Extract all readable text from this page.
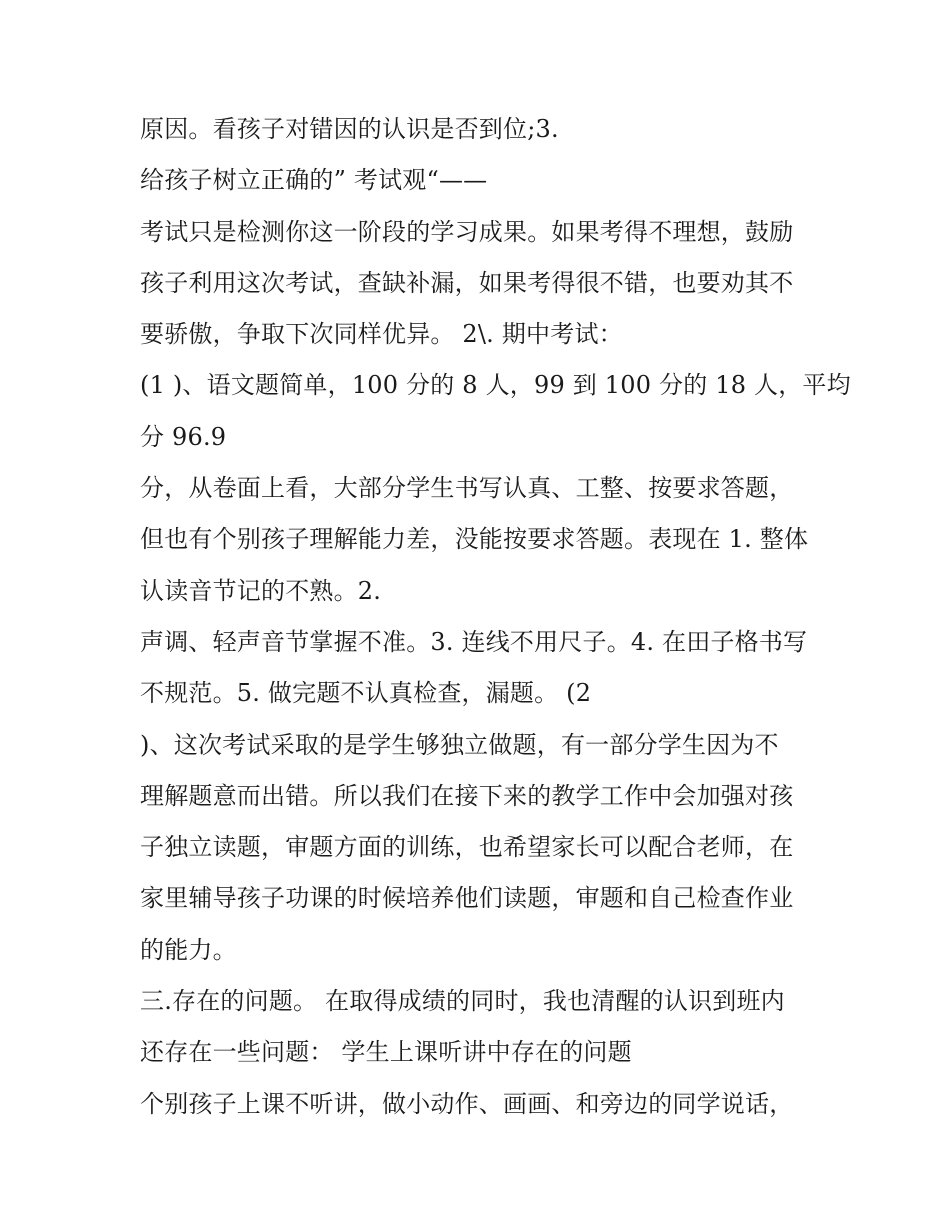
原因。看孩子对错因的认识是否到位;3.
给孩子树立正确的” 考试观“——
考试只是检测你这一阶段的学习成果。如果考得不理想，鼓励
孩子利用这次考试，查缺补漏，如果考得很不错，也要劝其不
要骄傲，争取下次同样优异。 2\. 期中考试：
(1 )、语文题简单，100 分的 8 人，99 到 100 分的 18 人，平均
分 96.9
分，从卷面上看，大部分学生书写认真、工整、按要求答题，
但也有个别孩子理解能力差，没能按要求答题。表现在 1. 整体
认读音节记的不熟。2.
声调、轻声音节掌握不准。3. 连线不用尺子。4. 在田子格书写
不规范。5. 做完题不认真检查，漏题。 (2
)、这次考试采取的是学生够独立做题，有一部分学生因为不
理解题意而出错。所以我们在接下来的教学工作中会加强对孩
子独立读题，审题方面的训练，也希望家长可以配合老师，在
家里辅导孩子功课的时候培养他们读题，审题和自己检查作业
的能力。
三.存在的问题。 在取得成绩的同时，我也清醒的认识到班内
还存在一些问题： 学生上课听讲中存在的问题
个别孩子上课不听讲，做小动作、画画、和旁边的同学说话，
